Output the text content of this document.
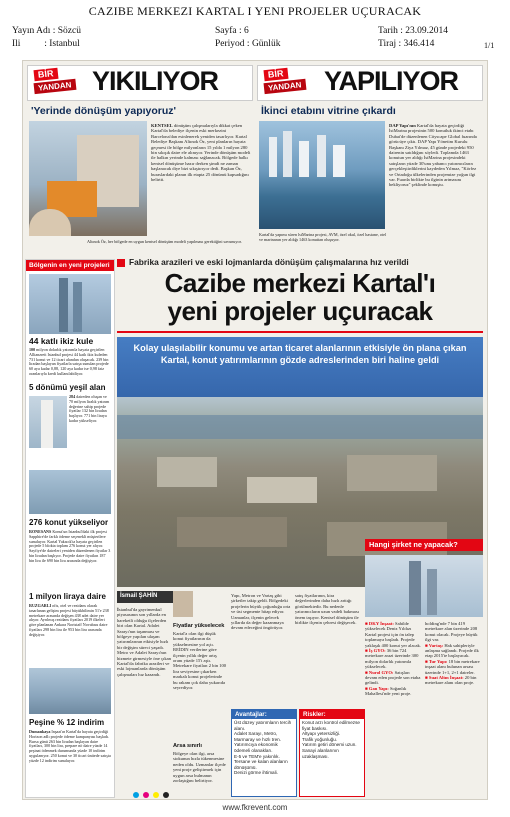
CAZIBE MERKEZI KARTAL I YENI PROJELER UÇURACAK
Yayın Adı : Sözcü
Ili          : Istanbul
Sayfa : 6
Periyod : Günlük
Tarih : 23.09.2014
Tiraj : 346.414	1/1
BİR
YANDAN YIKILIYOR
'Yerinde dönüşüm yapıyoruz'
Altınok Öz, her bölgede en uygun kentsel dönüşüm modeli yapılması gerektiğini savunuyor.
KENTSEL dönüşüm çalışmalarıyla dikkat çeken Kartal'da belediye ilçenin eski merkezini Barcelona'dan esinlenerek yeniden tasarlıyor. Kartal Belediye Başkanı Altınok Öz, yeni planların hayata geçmesi ile bölge milyonların 15 yılda 1 milyon 280 bin sıkışık daire ele alınıyor. Yerinde dönüşüm modeli ile halkın yerinde kalması sağlanacak. Bölgede halkı kentsel dönüşüme hazır derken şimdi ne zaman başlanacak diye bizi sıkıştırıyor dedi. Başkan Öz, buraslardaki planın ilk etapta 25 dönümü kapsadığını belirtti.
BİR
YANDAN YAPILIYOR
İkinci etabını vitrine çıkardı
Kartal'da yapımı süren lstMarina projesi, AVM, özel okul, özel hastane, otel ve marinanın yer aldığı 1463 konuttan oluşuyor.
DAP Yapı'nın Kartal'da hayata geçirdiği İstMarina projesinin 500 konutluk ikinci etabı Dubai'de düzenlenen Cityscape Global fuarında görücüye çıktı. DAP Yapı Yönetim Kurulu Başkanı Ziya Yılmaz, 45 günde projedeki 950 dairenin satıldığını söyledi. Toplamda 1463 konutun yer aldığı İstMarina projesindeki satışların yüzde 30'unu yabancı yatırımcıların gerçekleştirdiklerini kaydeden Yılmaz, "Körfez ve Ortadoğu ülkelerinden projemize yoğun ilgi var. Fuarda birlikte bu ilginin artmasını bekliyoruz" şeklinde konuştu.
Bölgenin en yeni projeleri
44 katlı ikiz kule
100 milyon dolarlık yatırımla hayata geçirilen Allianzreit Istanbul projesi 44 katlı ikiz kuleden 731 konut ve 12 ticari alandan oluşacak. 239 bin liradan başlayan fiyatlarla satışa sunulan projede 60 aya kadar 0,88, 120 aya kadar ise 0,98 faiz oranlarıyla kredi kullanılabiliyor.
5 dönümü yeşil alan
284 daireden oluşan ve 70 milyon liralık yatırım değerine sahip projede fiyatlar 132 bin liradan başlıyor. 771 bin liraya kadar yükseliyor.
276 konut yükseliyor
RÖNESANS Konut'un İstanbul'daki ilk projesi Sapphire'de farklı ödeme seçenekli müşterilere sunuluyor. Kartal Yakacık'ta hayata geçirilen projede 5 blokta toplam 276 konut yer alıyor. Sayfiye'de daireleri yeniden düzenlenen fiyatlar 3 bin liradan başlıyor. Projede daire fiyatları 187 bin lira ile 690 bin lira arasında değişiyor.
1 milyon liraya daire
RUZGARLI ofis, otel ve rezidans olarak tasarlanan gelişim projesi büyükbilimin 51'e 238 metrekare arasında değişen 438 adet daire yer alıyor. Ayrılmış rezidans fiyatları 2019 ilkeleri göre planlanan Ankara Nortstaff Novabaıs daire fiyatları 298 bin lira ile 953 bin lira arasında değişiyor.
Peşine % 12 indirim
Dumankaya İnşaat'ın Kartal'da hayata geçirdiği Horizon adlı projede ödeme kampanyası başladı. Bursa günü 263 bin liradan başlayan daire fiyatları, 300 bin lira, prepare nö daire yüzde 14 peşinat ödenmek durumunda yüzde 10 indirim uygulanıyor. 250 konut ve 30 ticari ünitede satışta yüzde 12 indirim sunuluyor.
Fabrika arazileri ve eski lojmanlarda dönüşüm çalışmalarına hız verildi
Cazibe merkezi Kartal'ı
yeni projeler uçuracak
Kolay ulaşılabilir konumu ve artan ticaret alanlarının etkisiyle ön plana çıkan Kartal, konut yatırımlarının gözde adreslerinden biri haline geldi
İsmail ŞAHİN
İstanbul'da gayrimenkul piyasasının son yıllarda en hareketli olduğu ilçelerden biri olan Kartal. Adalet Sarayı'nın taşınması ve bölgeye yapılan ulaşım yatırımlarının etkisiyle hızlı bir değişim süreci yaşadı. Metro ve Adalet Sarayı'nın hizmete girmesiyle öne çıkan Kartal'da fabrika arazileri ve eski lojmanlarda dönüşüm çalışmaları hız kazandı.
Fiyatlar yükselecek
Kartal'a olan ilgi düşük konut fiyatlarının da yükselmesine yol açtı. REİDIN verilerine göre ilçenin yıllık değer artış oranı yüzde 15'i aştı. Metrekare fiyatları 2 bin 100 lira seviyesine çıkarken markalı konut projelerinde bu rakam çok daha yukarıda seyrediyor.
Arsa sınırlı
Bölgeye olan ilgi, arsa stokunun hızla tükenmesine neden oldu. Uzmanlar ilçede yeni proje geliştirmek için uygun arsa bulmanın zorlaştığını belirtiyor.
Yapı, Metron ve Vartaş gibi şirketler takip geldi. Bölgedeki projelerin büyük çoğunluğu orta ve üst segmente hitap ediyor. Uzmanlar, ilçenin gelecek yıllarda da değer kazanmaya devam edeceğini öngörüyor.
satış fiyatlarının, kira değerlerinden daha hızlı arttığı görülmektedir. Bu nedenle yatırımcıların uzun vadeli bakması önem taşıyor. Kentsel dönüşüm ile birlikte ilçenin çehresi değişecek.
Avantajlar:
Üst düzey yatırımların tercih alanı.
Adalet Sarayı, Metro, Marmaray ve hızlı tren.
Yatırımcıya ekonomik ödemeli olanakları.
E-5 ve TEM'e yakınlık.
Tersane ve kalan alanların dönüşümü.
Denizi görme ihtimali.
Riskler:
Konut arzı kontrol edilmezse fiyat baskısı.
Altyapı yetersizliği.
Trafik yoğunluğu.
Yatırım getiri dönemi uzun.
Sanayi alanlarının uzaklaşması.
Hangi şirket ne yapacak?
■ DKY İnşaat: Sahilde yükselecek Deniz Yıldızı Kartal projesi için ön talep toplamaya başladı. Projede yaklaşık 400 konut yer alacak.
■ İş GYO: 36 bin 724 metrekare arazi üzerinde 300 milyon dolarlık yatırımla yükselecek.
■ Nurol GYO: Satışları devam eden projede son etaba gelindi.
■ Gan Yapı: Soğanlık Mahallesi'nde yeni proje.
holding'nde 7 bin 419 metrekare alan üzerinde 208 konut olacak. Projeye büyük ilgi var.
■ Vartaş: Hak sahipleriyle anlaşma sağlandı. Projede ilk etap 2015'te başlayacak.
■ Tur Yapı: 18 bin metrekare inşaat alanı bulunan arsası üzerinde 1+1, 2+1 daireler.
■ Suat Altın İnşaat: 20 bin metrekare alanı olan proje.

www.fkrevent.com
